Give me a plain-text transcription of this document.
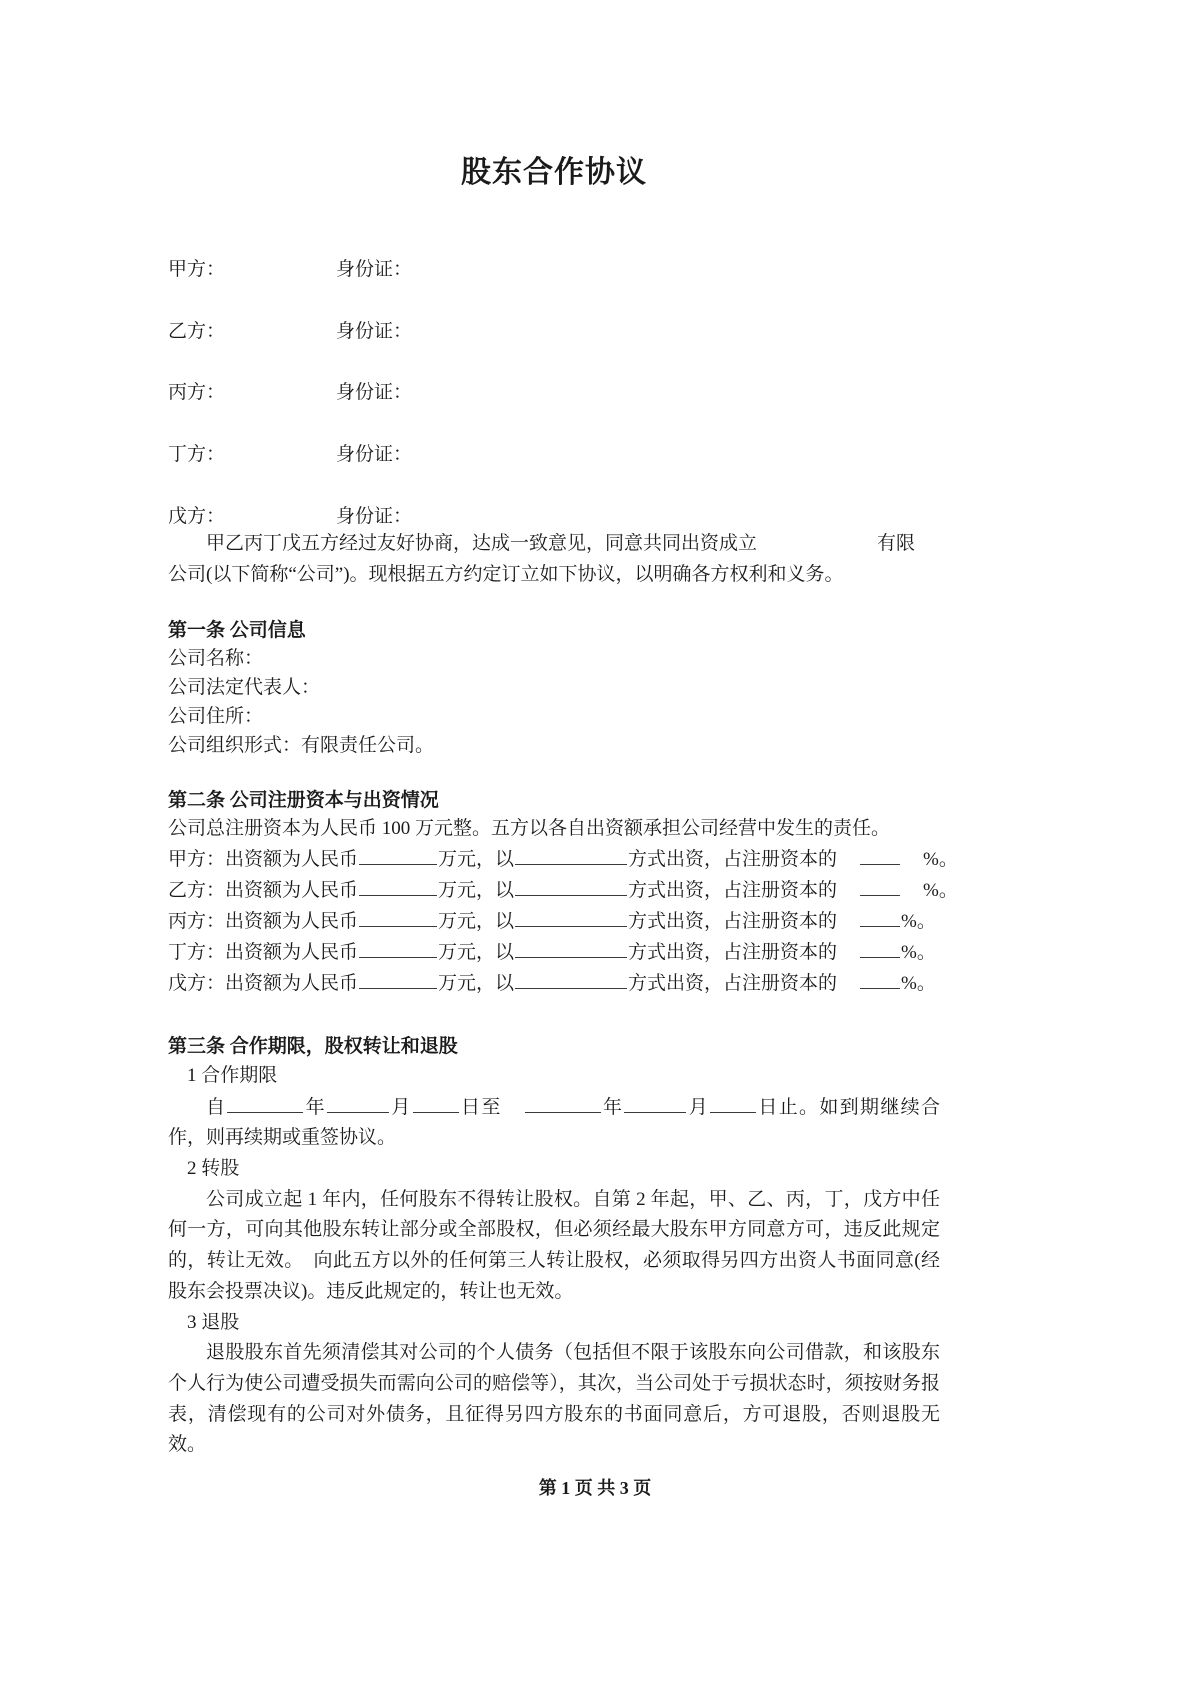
股东合作协议
甲方：	身份证：
乙方：	身份证：
丙方：	身份证：
丁方：	身份证：
戊方：	身份证：

甲乙丙丁戊五方经过友好协商，达成一致意见，同意共同出资成立	有限
公司(以下简称“公司”)。现根据五方约定订立如下协议，以明确各方权利和义务。

第一条 公司信息
公司名称：
公司法定代表人：
公司住所：
公司组织形式：有限责任公司。
第二条 公司注册资本与出资情况
公司总注册资本为人民币 100 万元整。五方以各自出资额承担公司经营中发生的责任。
甲方：出资额为人民币	万元，以	方式出资，占注册资本的	%。
乙方：出资额为人民币	万元，以	方式出资，占注册资本的	%。
丙方：出资额为人民币	万元，以	方式出资，占注册资本的	%。
丁方：出资额为人民币	万元，以	方式出资，占注册资本的	%。
戊方：出资额为人民币	万元，以	方式出资，占注册资本的	%。
第三条 合作期限，股权转让和退股
1 合作期限

自	年	月	日至	年	月	日止。如到期继续合作，则再续期或重签协议。

2 转股

公司成立起 1 年内，任何股东不得转让股权。自第 2 年起，甲、乙、丙，丁，戊方中任何一方，可向其他股东转让部分或全部股权，但必须经最大股东甲方同意方可，违反此规定的，转让无效。　向此五方以外的任何第三人转让股权，必须取得另四方出资人书面同意(经股东会投票决议)。违反此规定的，转让也无效。

3 退股

退股股东首先须清偿其对公司的个人债务（包括但不限于该股东向公司借款，和该股东个人行为使公司遭受损失而需向公司的赔偿等），其次，当公司处于亏损状态时，须按财务报表，清偿现有的公司对外债务，且征得另四方股东的书面同意后，方可退股，否则退股无效。

第 1 页 共 3 页
